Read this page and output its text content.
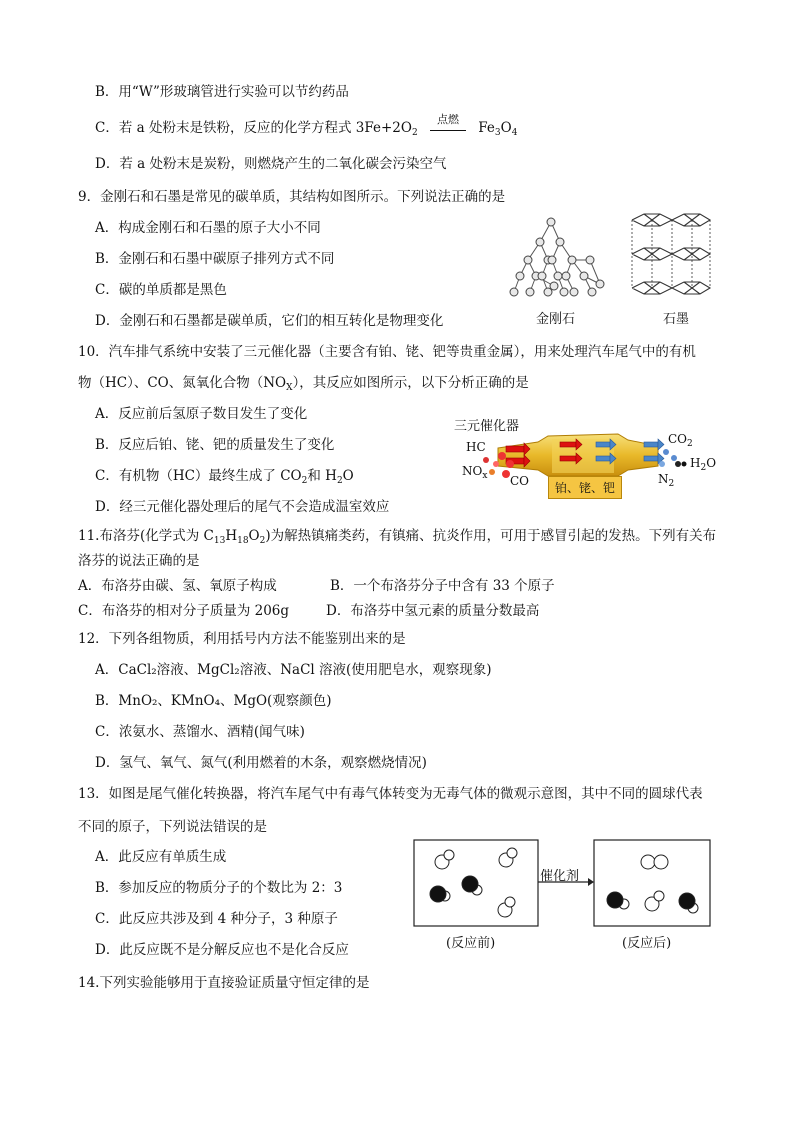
B．用“W”形玻璃管进行实验可以节约药品
C．若 a 处粉末是铁粉，反应的化学方程式 $3Fe+2O_2$
点燃
$Fe_3O_4$
D．若 a 处粉末是炭粉，则燃烧产生的二氧化碳会污染空气
9．金刚石和石墨是常见的碳单质，其结构如图所示。下列说法正确的是
A．构成金刚石和石墨的原子大小不同
B．金刚石和石墨中碳原子排列方式不同
C．碳的单质都是黑色
D．金刚石和石墨都是碳单质，它们的相互转化是物理变化	金刚石	石墨
10．汽车排气系统中安装了三元催化器（主要含有铂、铑、钯等贵重金属），用来处理汽车尾气中的有机
物（HC）、CO、氮氧化合物$(NO_X)$，其反应如图所示，以下分析正确的是
A．反应前后氢原子数目发生了变化
B．反应后铂、铑、钯的质量发生了变化
C．有机物（HC）最终生成了 $CO_2$和 $H_2O$
D．经三元催化器处理后的尾气不会造成温室效应
三元催化器
HC
$NO_x$ CO
$CO_2$
$H_2O$
$N_2$
铂、铑、钯
11.布洛芬(化学式为 $C_{13}H_{18}O_2$)为解热镇痛类药，有镇痛、抗炎作用，可用于感冒引起的发热。下列有关布
洛芬的说法正确的是
A．布洛芬由碳、氢、氧原子构成	B．一个布洛芬分子中含有 33 个原子
C．布洛芬的相对分子质量为 206g	D．布洛芬中氢元素的质量分数最高
12．下列各组物质，利用括号内方法不能鉴别出来的是
A．CaCl₂溶液、MgCl₂溶液、NaCl 溶液(使用肥皂水，观察现象)
B．MnO₂、KMnO₄、MgO(观察颜色)
C．浓氨水、蒸馏水、酒精(闻气味)
D．氢气、氧气、氮气(利用燃着的木条，观察燃烧情况)
13．如图是尾气催化转换器，将汽车尾气中有毒气体转变为无毒气体的微观示意图，其中不同的圆球代表
不同的原子，下列说法错误的是
A．此反应有单质生成
B．参加反应的物质分子的个数比为 2：3
C．此反应共涉及到 4 种分子，3 种原子
D．此反应既不是分解反应也不是化合反应
催化剂
(反应前)	(反应后)
14.下列实验能够用于直接验证质量守恒定律的是
